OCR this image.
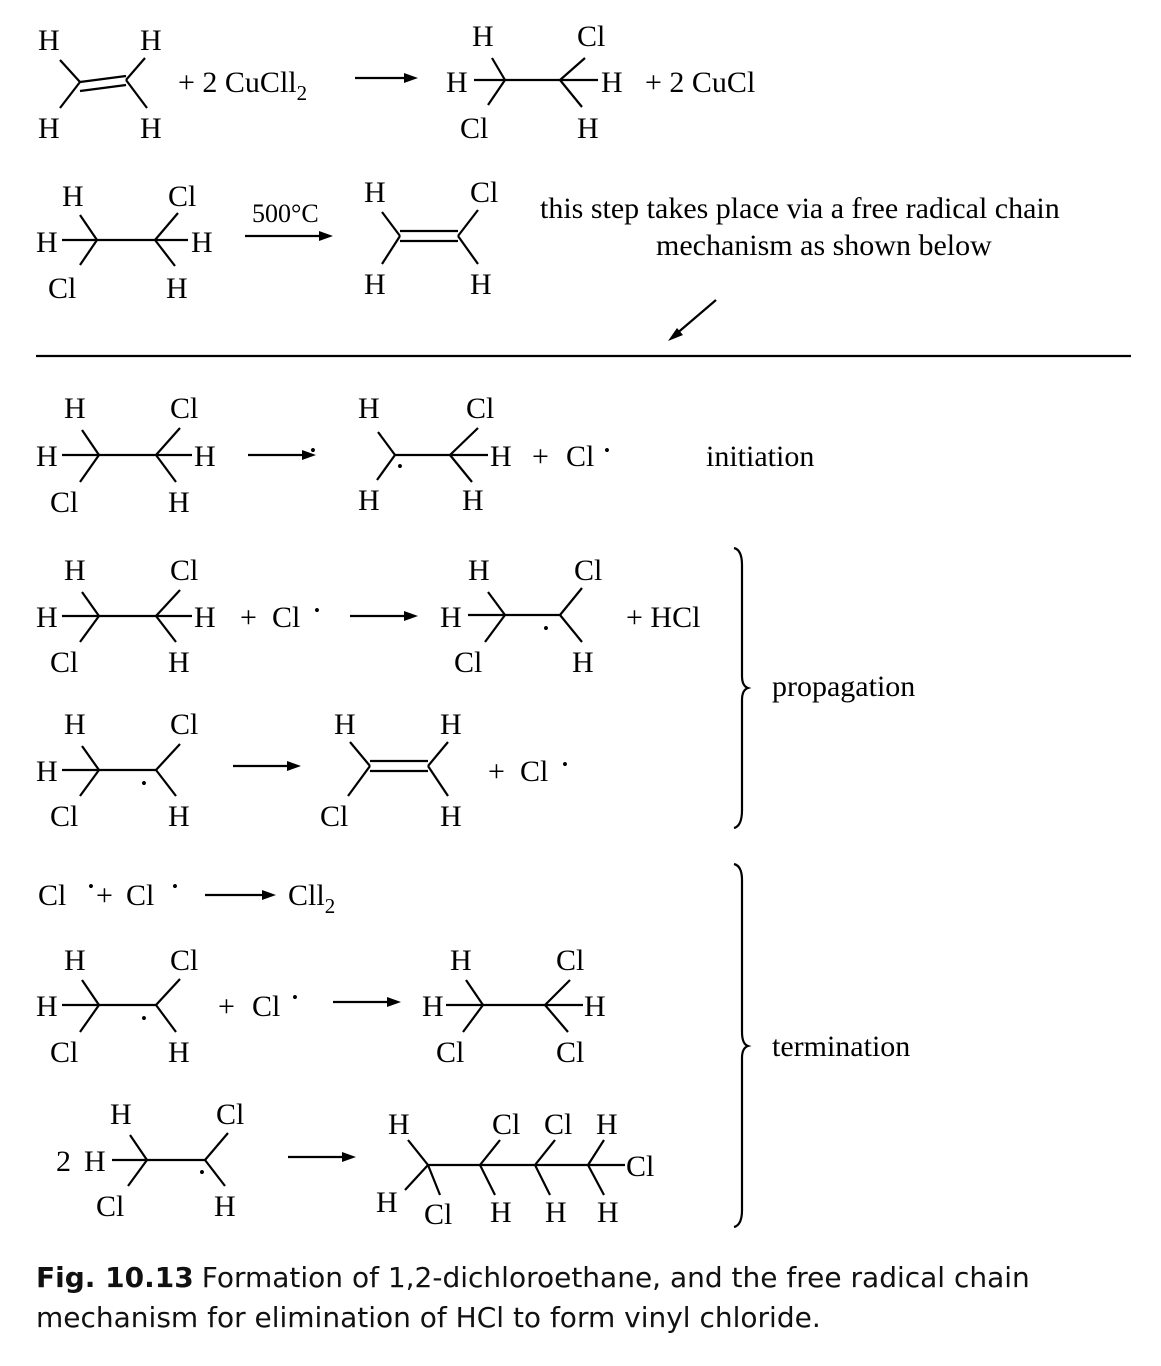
H	H
H	H
+ 2 CuCll$_2$
H	Cl
H	H
Cl	H
+ 2 CuCl
H	Cl
H	H
Cl	H
500°C
H	Cl
H	H
this step takes place via a free radical chain
mechanism as shown below
H	Cl
H	H
Cl	H
H	Cl
H
H	H
+ Cl	initiation
H	Cl
H	H
Cl	H
+ Cl
H	Cl
H
Cl	H
+ HCl
H	Cl
H
Cl	H
H	H
Cl	H
+ Cl
propagation
Cl + Cl	Cll$_2$
H	Cl
H
Cl	H
+ Cl
H	Cl
H	H
Cl	Cl	termination
H	Cl
2 H
Cl	H
H	Cl Cl H
Cl
H Cl H H H
•
•
•
•
•
•
•
•	•
•
•
•
Fig. 10.13 Formation of 1,2-dichloroethane, and the free radical chain mechanism for elimination of HCl to form vinyl chloride.
